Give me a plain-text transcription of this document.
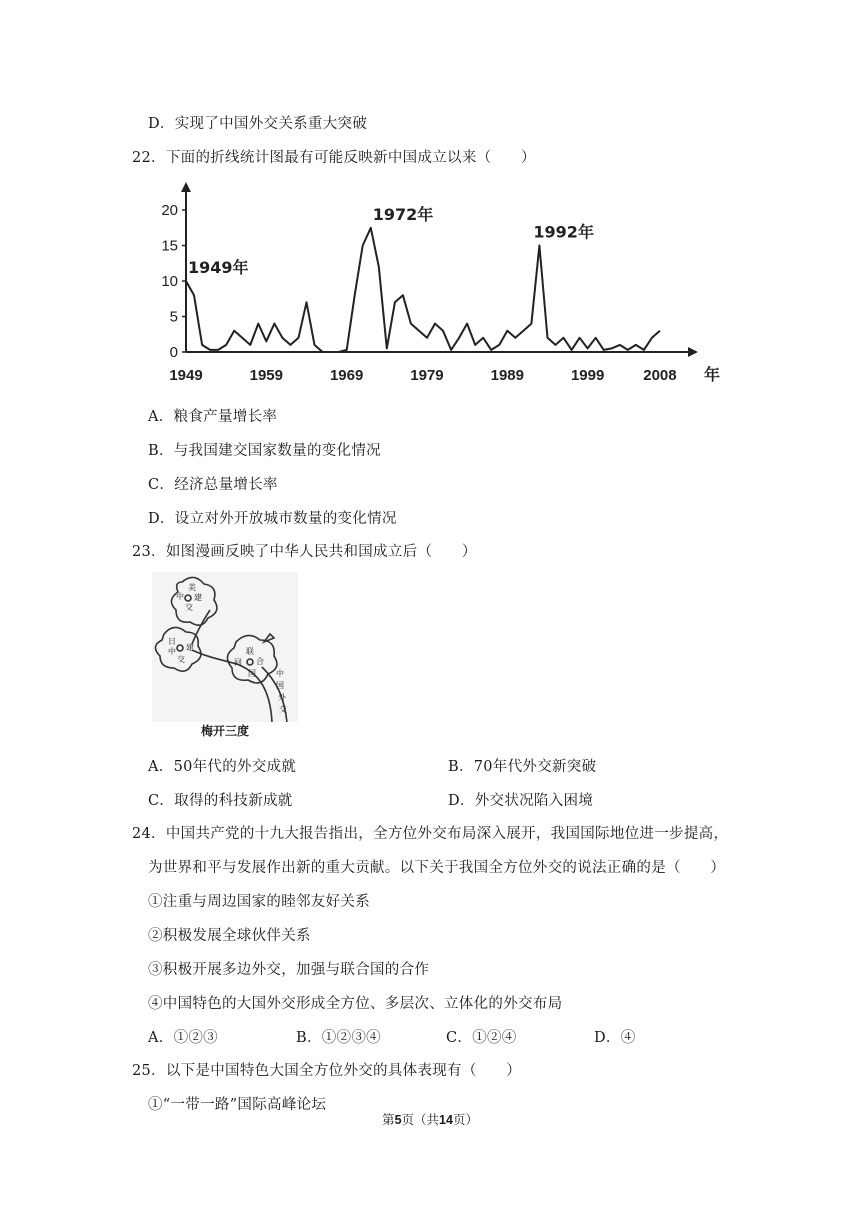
D．实现了中国外交关系重大突破
22．下面的折线统计图最有可能反映新中国成立以来（　　）
0
5
10
15
20
1949	1959	1969	1979	1989	1999	2008 年
1949年
1972年
1992年
A．粮食产量增长率
B．与我国建交国家数量的变化情况
C．经济总量增长率
D．设立对外开放城市数量的变化情况
23．如图漫画反映了中华人民共和国成立后（　　）
中
美
建
交
日
中 建
交
联
合
国
回
中
国
外
交
梅开三度
A．50年代的外交成就	B．70年代外交新突破
C．取得的科技新成就	D．外交状况陷入困境
24．中国共产党的十九大报告指出，全方位外交布局深入展开，我国国际地位进一步提高，
为世界和平与发展作出新的重大贡献。以下关于我国全方位外交的说法正确的是（　　）
①注重与周边国家的睦邻友好关系
②积极发展全球伙伴关系
③积极开展多边外交，加强与联合国的合作
④中国特色的大国外交形成全方位、多层次、立体化的外交布局
A．①②③	B．①②③④	C．①②④	D．④
25．以下是中国特色大国全方位外交的具体表现有（　　）
①“一带一路”国际高峰论坛
第5页（共14页）
